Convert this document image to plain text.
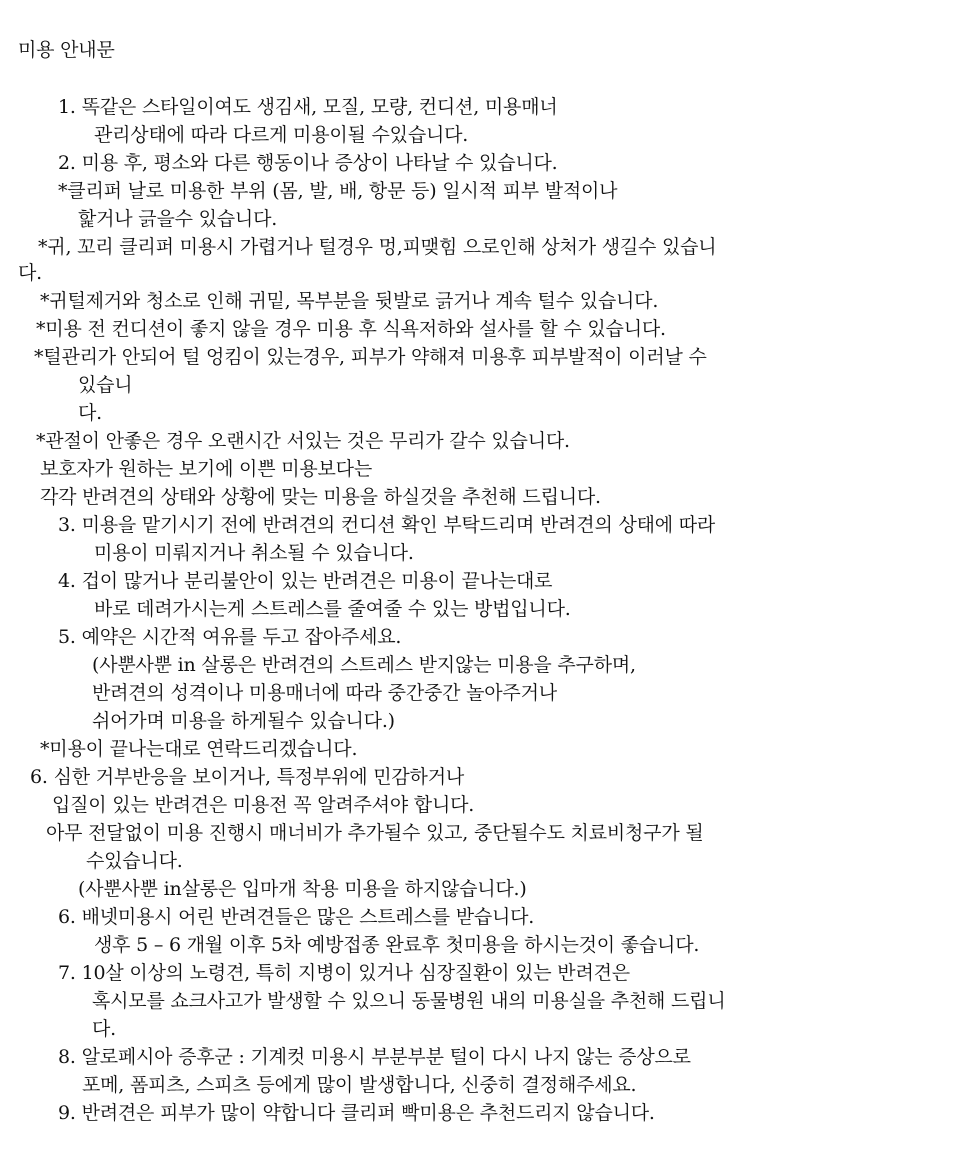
미용 안내문
1. 똑같은 스타일이여도 생김새, 모질, 모량, 컨디션, 미용매너
관리상태에 따라 다르게 미용이될 수있습니다.
2. 미용 후, 평소와 다른 행동이나 증상이 나타날 수 있습니다.
*클리퍼 날로 미용한 부위 (몸, 발, 배, 항문 등) 일시적 피부 발적이나
핥거나 긁을수 있습니다.
*귀, 꼬리 클리퍼 미용시 가렵거나 털경우 멍,피맺힘 으로인해 상처가 생길수 있습니
다.
*귀털제거와 청소로 인해 귀밑, 목부분을 뒷발로 긁거나 계속 털수 있습니다.
*미용 전 컨디션이 좋지 않을 경우 미용 후 식욕저하와 설사를 할 수 있습니다.
*털관리가 안되어 털 엉킴이 있는경우, 피부가 약해져 미용후 피부발적이 이러날 수
있습니
다.
*관절이 안좋은 경우 오랜시간 서있는 것은 무리가 갈수 있습니다.
보호자가 원하는 보기에 이쁜 미용보다는
각각 반려견의 상태와 상황에 맞는 미용을 하실것을 추천해 드립니다.
3. 미용을 맡기시기 전에 반려견의 컨디션 확인 부탁드리며 반려견의 상태에 따라
미용이 미뤄지거나 취소될 수 있습니다.
4. 겁이 많거나 분리불안이 있는 반려견은 미용이 끝나는대로
바로 데려가시는게 스트레스를 줄여줄 수 있는 방법입니다.
5. 예약은 시간적 여유를 두고 잡아주세요.
(사뿐사뿐 in 살롱은 반려견의 스트레스 받지않는 미용을 추구하며,
반려견의 성격이나 미용매너에 따라 중간중간 놀아주거나
쉬어가며 미용을 하게될수 있습니다.)
*미용이 끝나는대로 연락드리겠습니다.
6. 심한 거부반응을 보이거나, 특정부위에 민감하거나
입질이 있는 반려견은 미용전 꼭 알려주셔야 합니다.
아무 전달없이 미용 진행시 매너비가 추가될수 있고, 중단될수도 치료비청구가 될
수있습니다.
(사뿐사뿐 in살롱은 입마개 착용 미용을 하지않습니다.)
6. 배넷미용시 어린 반려견들은 많은 스트레스를 받습니다.
생후 5 – 6 개월 이후 5차 예방접종 완료후 첫미용을 하시는것이 좋습니다.
7. 10살 이상의 노령견, 특히 지병이 있거나 심장질환이 있는 반려견은
혹시모를 쇼크사고가 발생할 수 있으니 동물병원 내의 미용실을 추천해 드립니
다.
8. 알로페시아 증후군 : 기계컷 미용시 부분부분 털이 다시 나지 않는 증상으로
포메, 폼피츠, 스피츠 등에게 많이 발생합니다, 신중히 결정해주세요.
9. 반려견은 피부가 많이 약합니다 클리퍼 빡미용은 추천드리지 않습니다.
